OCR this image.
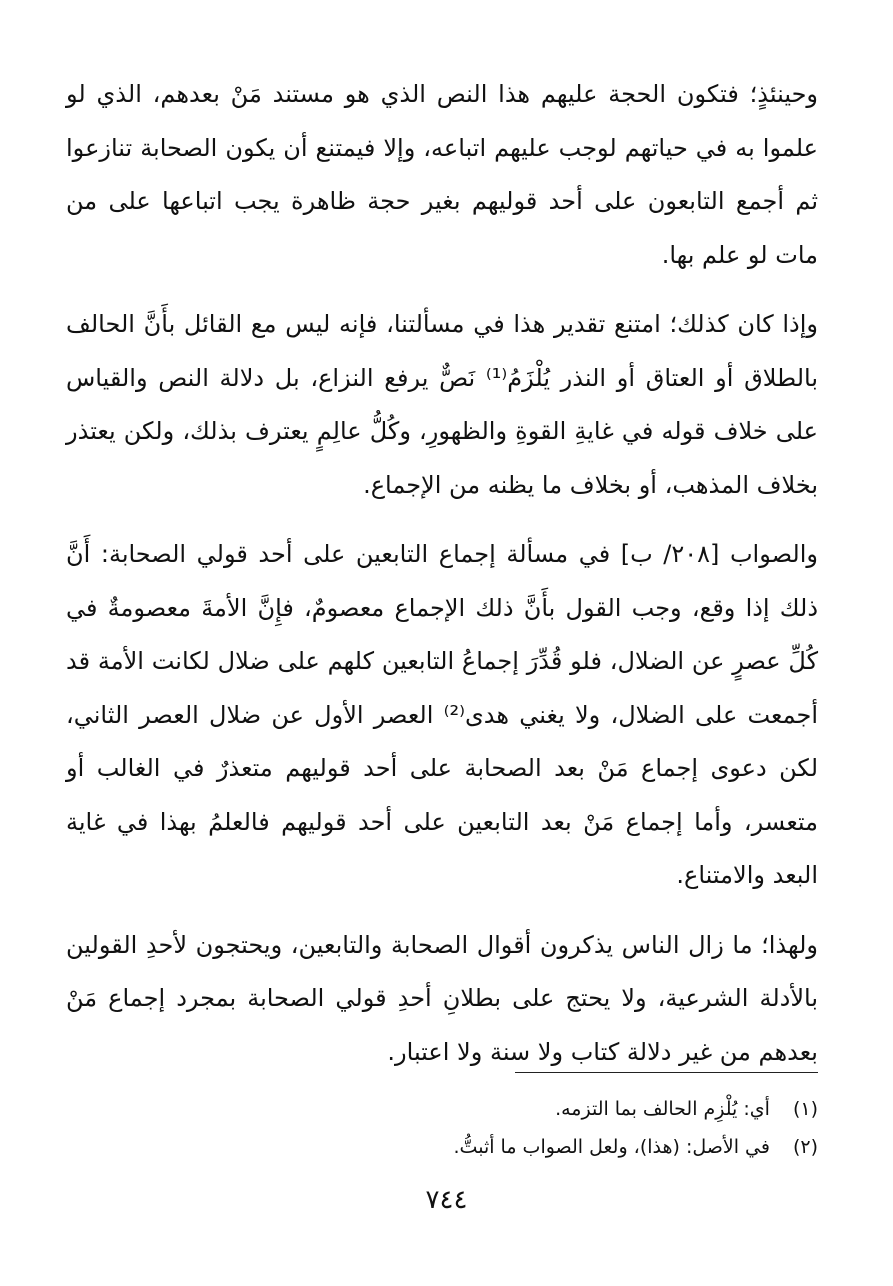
وحينئذٍ؛ فتكون الحجة عليهم هذا النص الذي هو مستند مَنْ بعدهم، الذي لو علموا به في حياتهم لوجب عليهم اتباعه، وإلا فيمتنع أن يكون الصحابة تنازعوا ثم أجمع التابعون على أحد قوليهم بغير حجة ظاهرة يجب اتباعها على من مات لو علم بها.

وإذا كان كذلك؛ امتنع تقدير هذا في مسألتنا، فإنه ليس مع القائل بأَنَّ الحالف بالطلاق أو العتاق أو النذر يُلْزَمُ⁽¹⁾ نَصٌّ يرفع النزاع، بل دلالة النص والقياس على خلاف قوله في غايةِ القوةِ والظهورِ، وكُلُّ عالِمٍ يعترف بذلك، ولكن يعتذر بخلاف المذهب، أو بخلاف ما يظنه من الإجماع.

والصواب [٢٠٨/ ب] في مسألة إجماع التابعين على أحد قولي الصحابة: أَنَّ ذلك إذا وقع، وجب القول بأَنَّ ذلك الإجماع معصومٌ، فإِنَّ الأمةَ معصومةٌ في كُلِّ عصرٍ عن الضلال، فلو قُدِّرَ إجماعُ التابعين كلهم على ضلال لكانت الأمة قد أجمعت على الضلال، ولا يغني هدى⁽²⁾ العصر الأول عن ضلال العصر الثاني، لكن دعوى إجماع مَنْ بعد الصحابة على أحد قوليهم متعذرٌ في الغالب أو متعسر، وأما إجماع مَنْ بعد التابعين على أحد قوليهم فالعلمُ بهذا في غاية البعد والامتناع.

ولهذا؛ ما زال الناس يذكرون أقوال الصحابة والتابعين، ويحتجون لأحدِ القولين بالأدلة الشرعية، ولا يحتج على بطلانِ أحدِ قولي الصحابة بمجرد إجماع مَنْ بعدهم من غير دلالة كتاب ولا سنة ولا اعتبار.

(١) أي: يُلْزِم الحالف بما التزمه.
(٢) في الأصل: (هذا)، ولعل الصواب ما أثبتُّ.
٧٤٤
